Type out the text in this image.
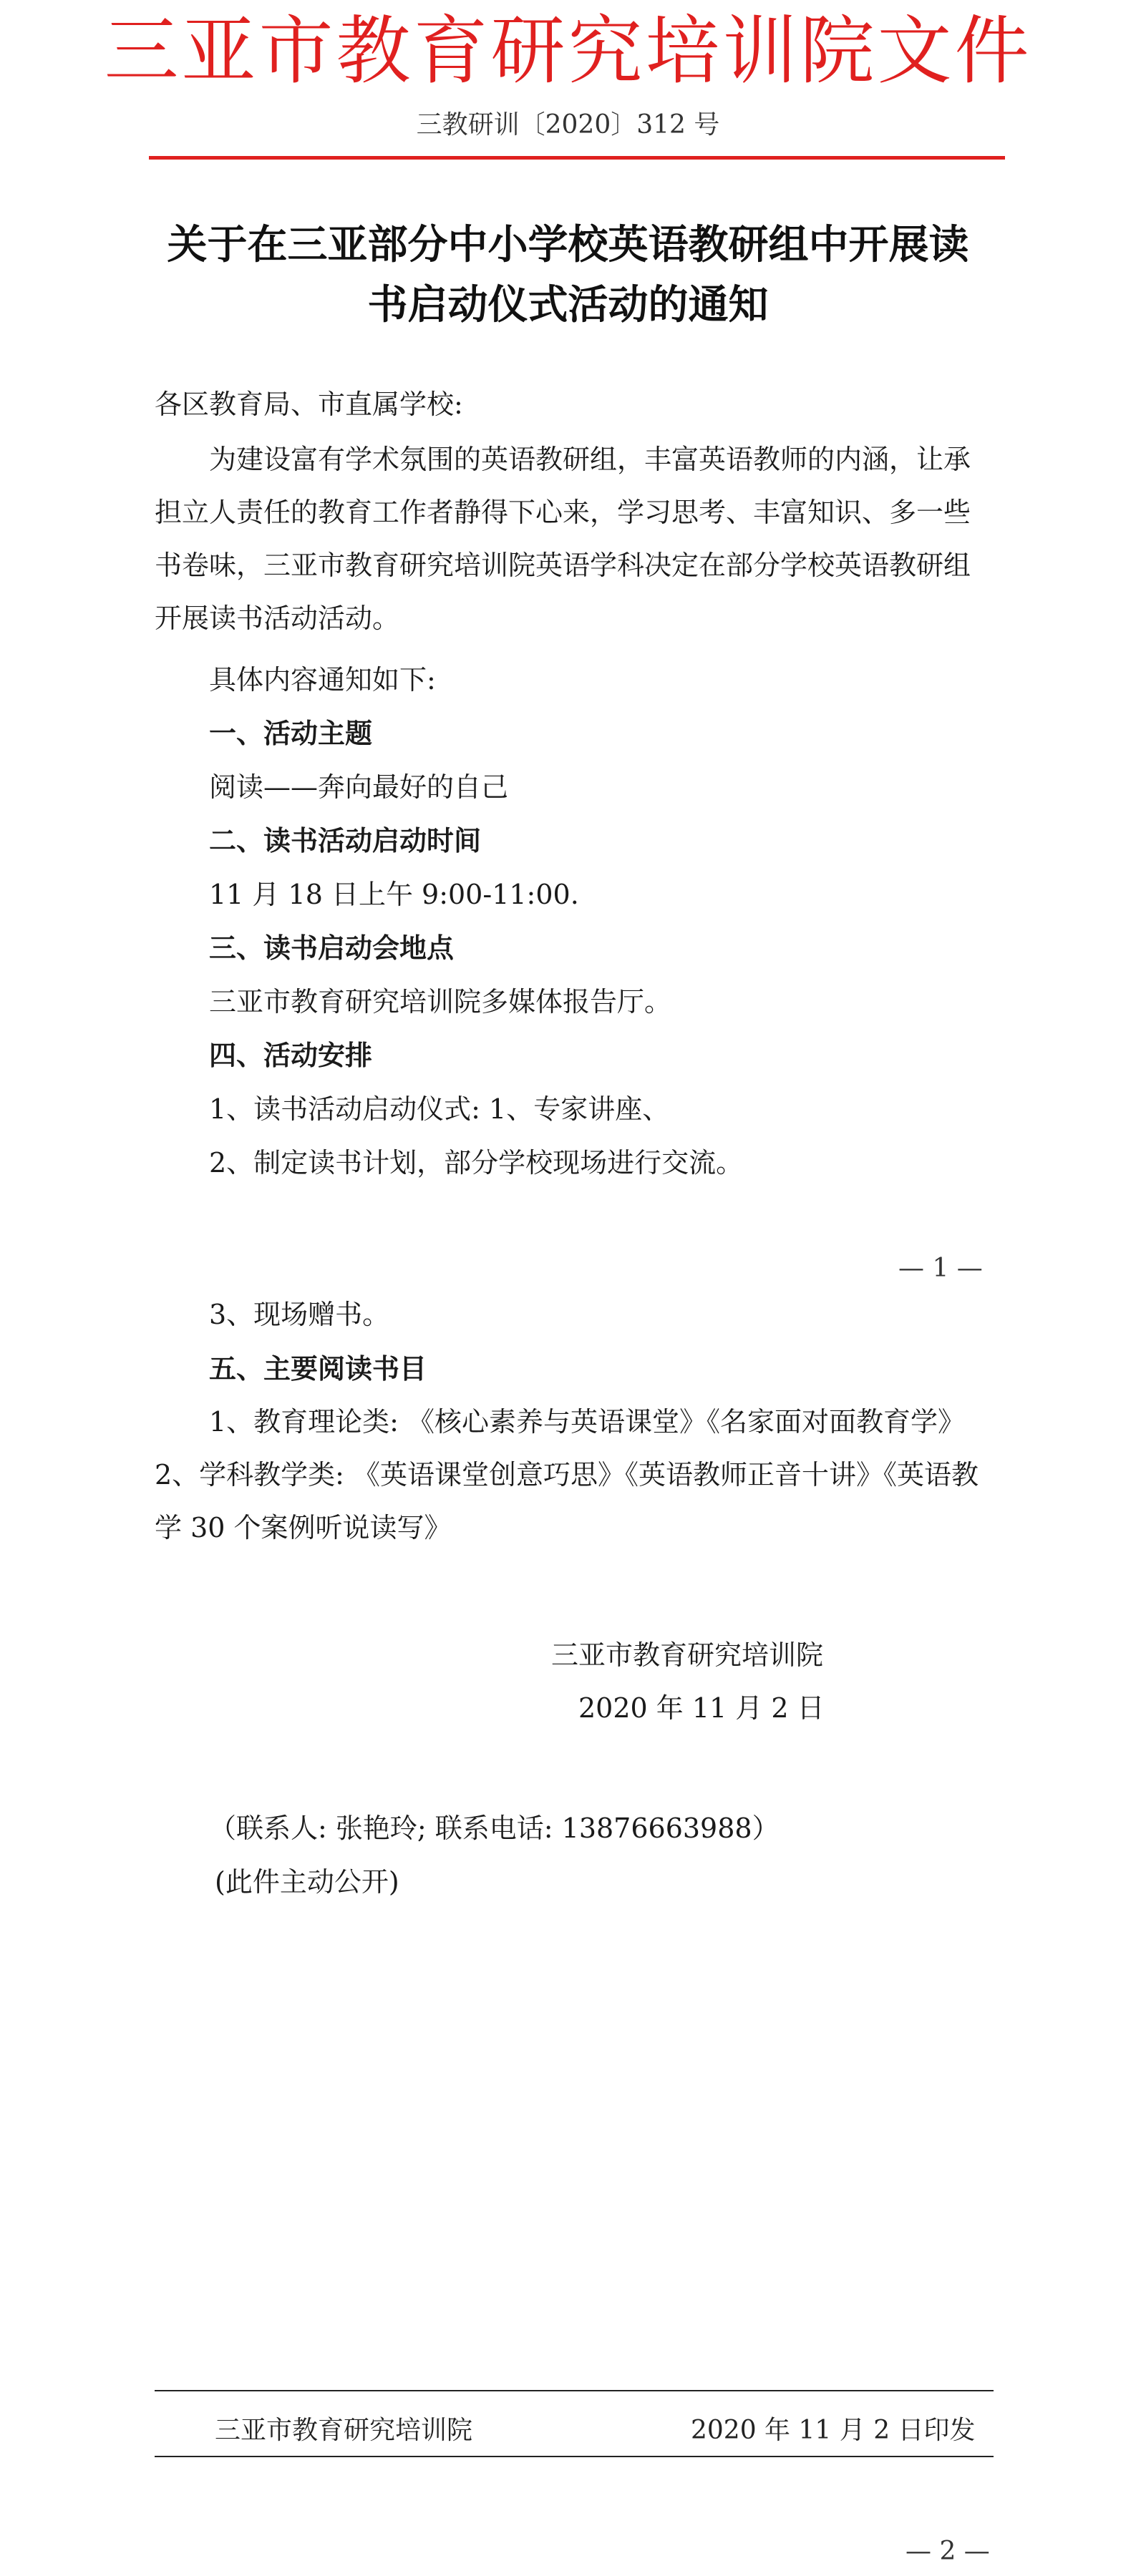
三亚市教育研究培训院文件
三教研训〔2020〕312 号
关于在三亚部分中小学校英语教研组中开展读
书启动仪式活动的通知
各区教育局、市直属学校:
为建设富有学术氛围的英语教研组，丰富英语教师的内涵，让承担立人责任的教育工作者静得下心来，学习思考、丰富知识、多一些书卷味，三亚市教育研究培训院英语学科决定在部分学校英语教研组开展读书活动活动。
具体内容通知如下:
一、活动主题
阅读——奔向最好的自己
二、读书活动启动时间
11 月 18 日上午 9:00-11:00.
三、读书启动会地点
三亚市教育研究培训院多媒体报告厅。
四、活动安排
1、读书活动启动仪式: 1、专家讲座、
2、制定读书计划，部分学校现场进行交流。
— 1 —
3、现场赠书。
五、主要阅读书目
1、教育理论类: 《核心素养与英语课堂》《名家面对面教育学》 2、学科教学类: 《英语课堂创意巧思》《英语教师正音十讲》《英语教学 30 个案例听说读写》
三亚市教育研究培训院
2020 年 11 月 2 日
（联系人: 张艳玲; 联系电话: 13876663988）
(此件主动公开)
三亚市教育研究培训院	2020 年 11 月 2 日印发
— 2 —
